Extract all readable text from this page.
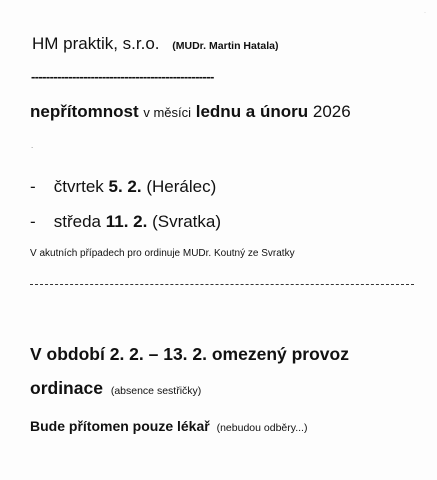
HM praktik, s.r.o. (MUDr. Martin Hatala)
-------------------------------------------------
nepřítomnost v měsíci lednu a únoru 2026
.
- čtvrtek 5. 2. (Herálec)
- středa 11. 2. (Svratka)
V akutních případech pro ordinuje MUDr. Koutný ze Svratky
V období 2. 2. – 13. 2. omezený provoz
ordinace (absence sestřičky)
Bude přítomen pouze lékař (nebudou odběry...)
·
